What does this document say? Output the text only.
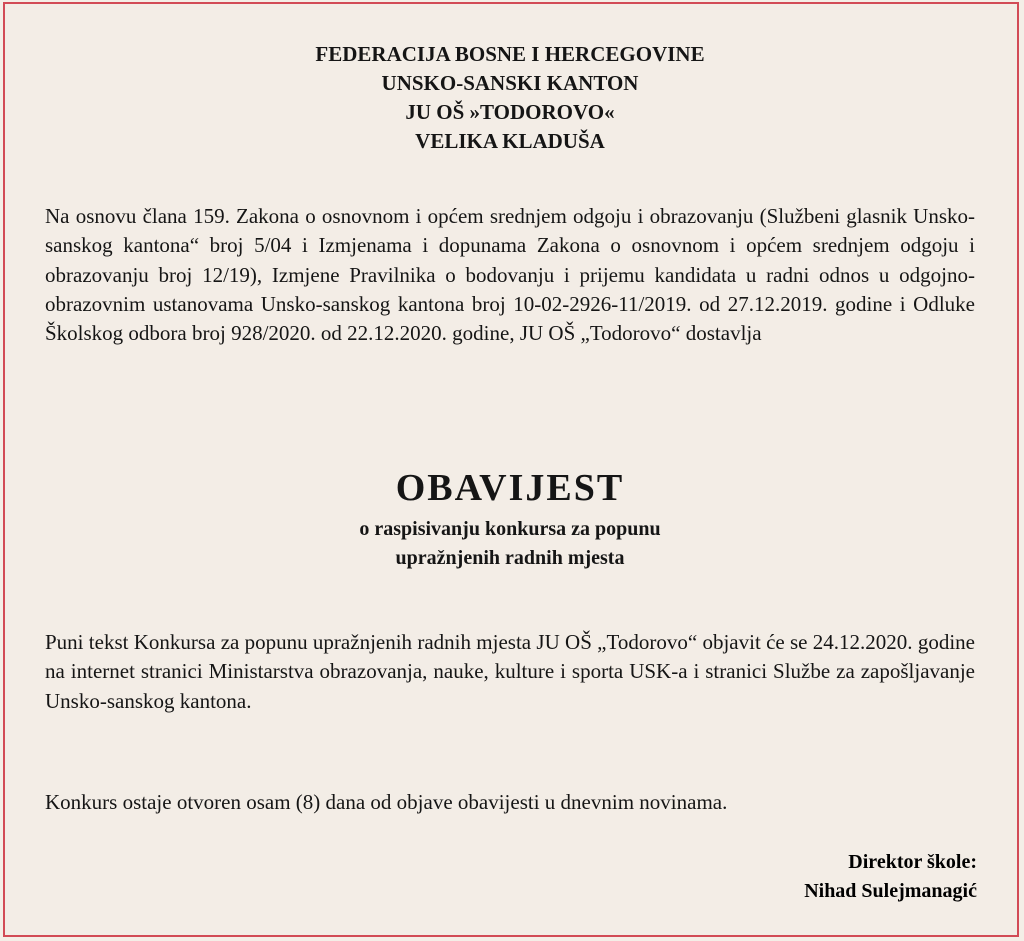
FEDERACIJA BOSNE I HERCEGOVINE
UNSKO-SANSKI KANTON
JU OŠ »TODOROVO«
VELIKA KLADUŠA

Na osnovu člana 159. Zakona o osnovnom i općem srednjem odgoju i obrazovanju (Službeni glasnik Unsko-sanskog kantona“ broj 5/04 i Izmjenama i dopunama Zakona o osnovnom i općem srednjem odgoju i obrazovanju broj 12/19), Izmjene Pravilnika o bodovanju i prijemu kandidata u radni odnos u odgojno-obrazovnim ustanovama Unsko-sanskog kantona broj 10-02-2926-11/2019. od 27.12.2019. godine i Odluke Školskog odbora broj 928/2020. od 22.12.2020. godine, JU OŠ „Todorovo“ dostavlja

OBAVIJEST
o raspisivanju konkursa za popunu
upražnjenih radnih mjesta

Puni tekst Konkursa za popunu upražnjenih radnih mjesta JU OŠ „Todorovo“ objavit će se 24.12.2020. godine na internet stranici Ministarstva obrazovanja, nauke, kulture i sporta USK-a i stranici Službe za zapošljavanje Unsko-sanskog kantona.

Konkurs ostaje otvoren osam (8) dana od objave obavijesti u dnevnim novinama.

Direktor škole:
Nihad Sulejmanagić
